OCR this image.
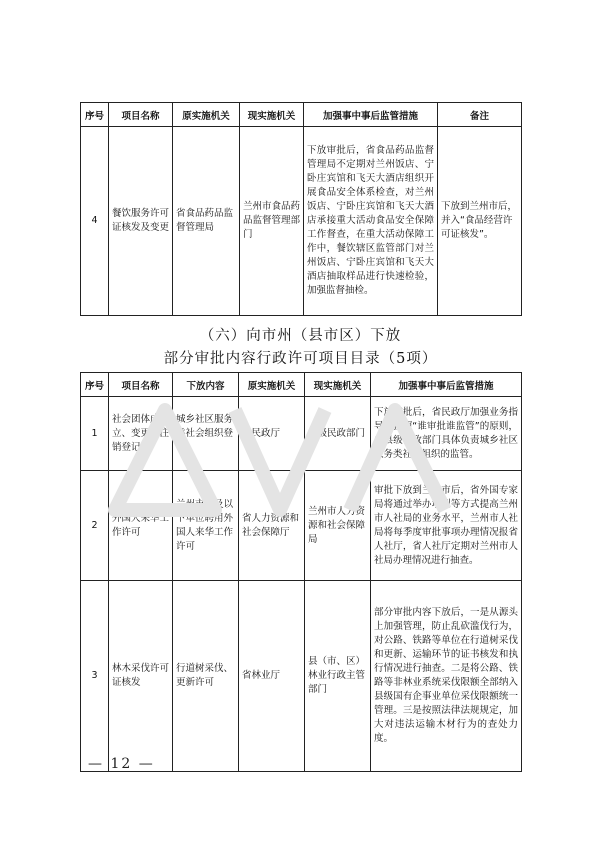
序号	项目名称	原实施机关	现实施机关	加强事中事后监管措施	备注
4	餐饮服务许可证核发及变更	省食品药品监督管理局	兰州市食品药品监督管理部门	下放审批后，省食品药品监督管理局不定期对兰州饭店、宁卧庄宾馆和飞天大酒店组织开展食品安全体系检查，对兰州饭店、宁卧庄宾馆和飞天大酒店承接重大活动食品安全保障工作督查，在重大活动保障工作中，餐饮辖区监管部门对兰州饭店、宁卧庄宾馆和飞天大酒店抽取样品进行快速检验，加强监督抽检。	下放到兰州市后，并入“食品经营许可证核发”。
（六）向市州（县市区）下放
部分审批内容行政许可项目目录（5项）
序号	项目名称	下放内容	原实施机关	现实施机关	加强事中事后监管措施
1	社会团体成立、变更、注销登记	城乡社区服务类社会组织登记	省民政厅	县级民政部门	下放审批后，省民政厅加强业务指导，按照“谁审批谁监管”的原则，由县级民政部门具体负责城乡社区服务类社会组织的监管。
2	外国人来华工作许可	兰州市属及以下单位聘用外国人来华工作许可	省人力资源和社会保障厅	兰州市人力资源和社会保障局	审批下放到兰州市后，省外国专家局将通过举办培训等方式提高兰州市人社局的业务水平，兰州市人社局将每季度审批事项办理情况报省人社厅，省人社厅定期对兰州市人社局办理情况进行抽查。
3	林木采伐许可证核发	行道树采伐、更新许可	省林业厅	县（市、区）林业行政主管部门	部分审批内容下放后，一是从源头上加强管理，防止乱砍滥伐行为，对公路、铁路等单位在行道树采伐和更新、运输环节的证书核发和执行情况进行抽查。二是将公路、铁路等非林业系统采伐限额全部纳入县级国有企事业单位采伐限额统一管理。三是按照法律法规规定，加大对违法运输木材行为的查处力度。
— 12 —
